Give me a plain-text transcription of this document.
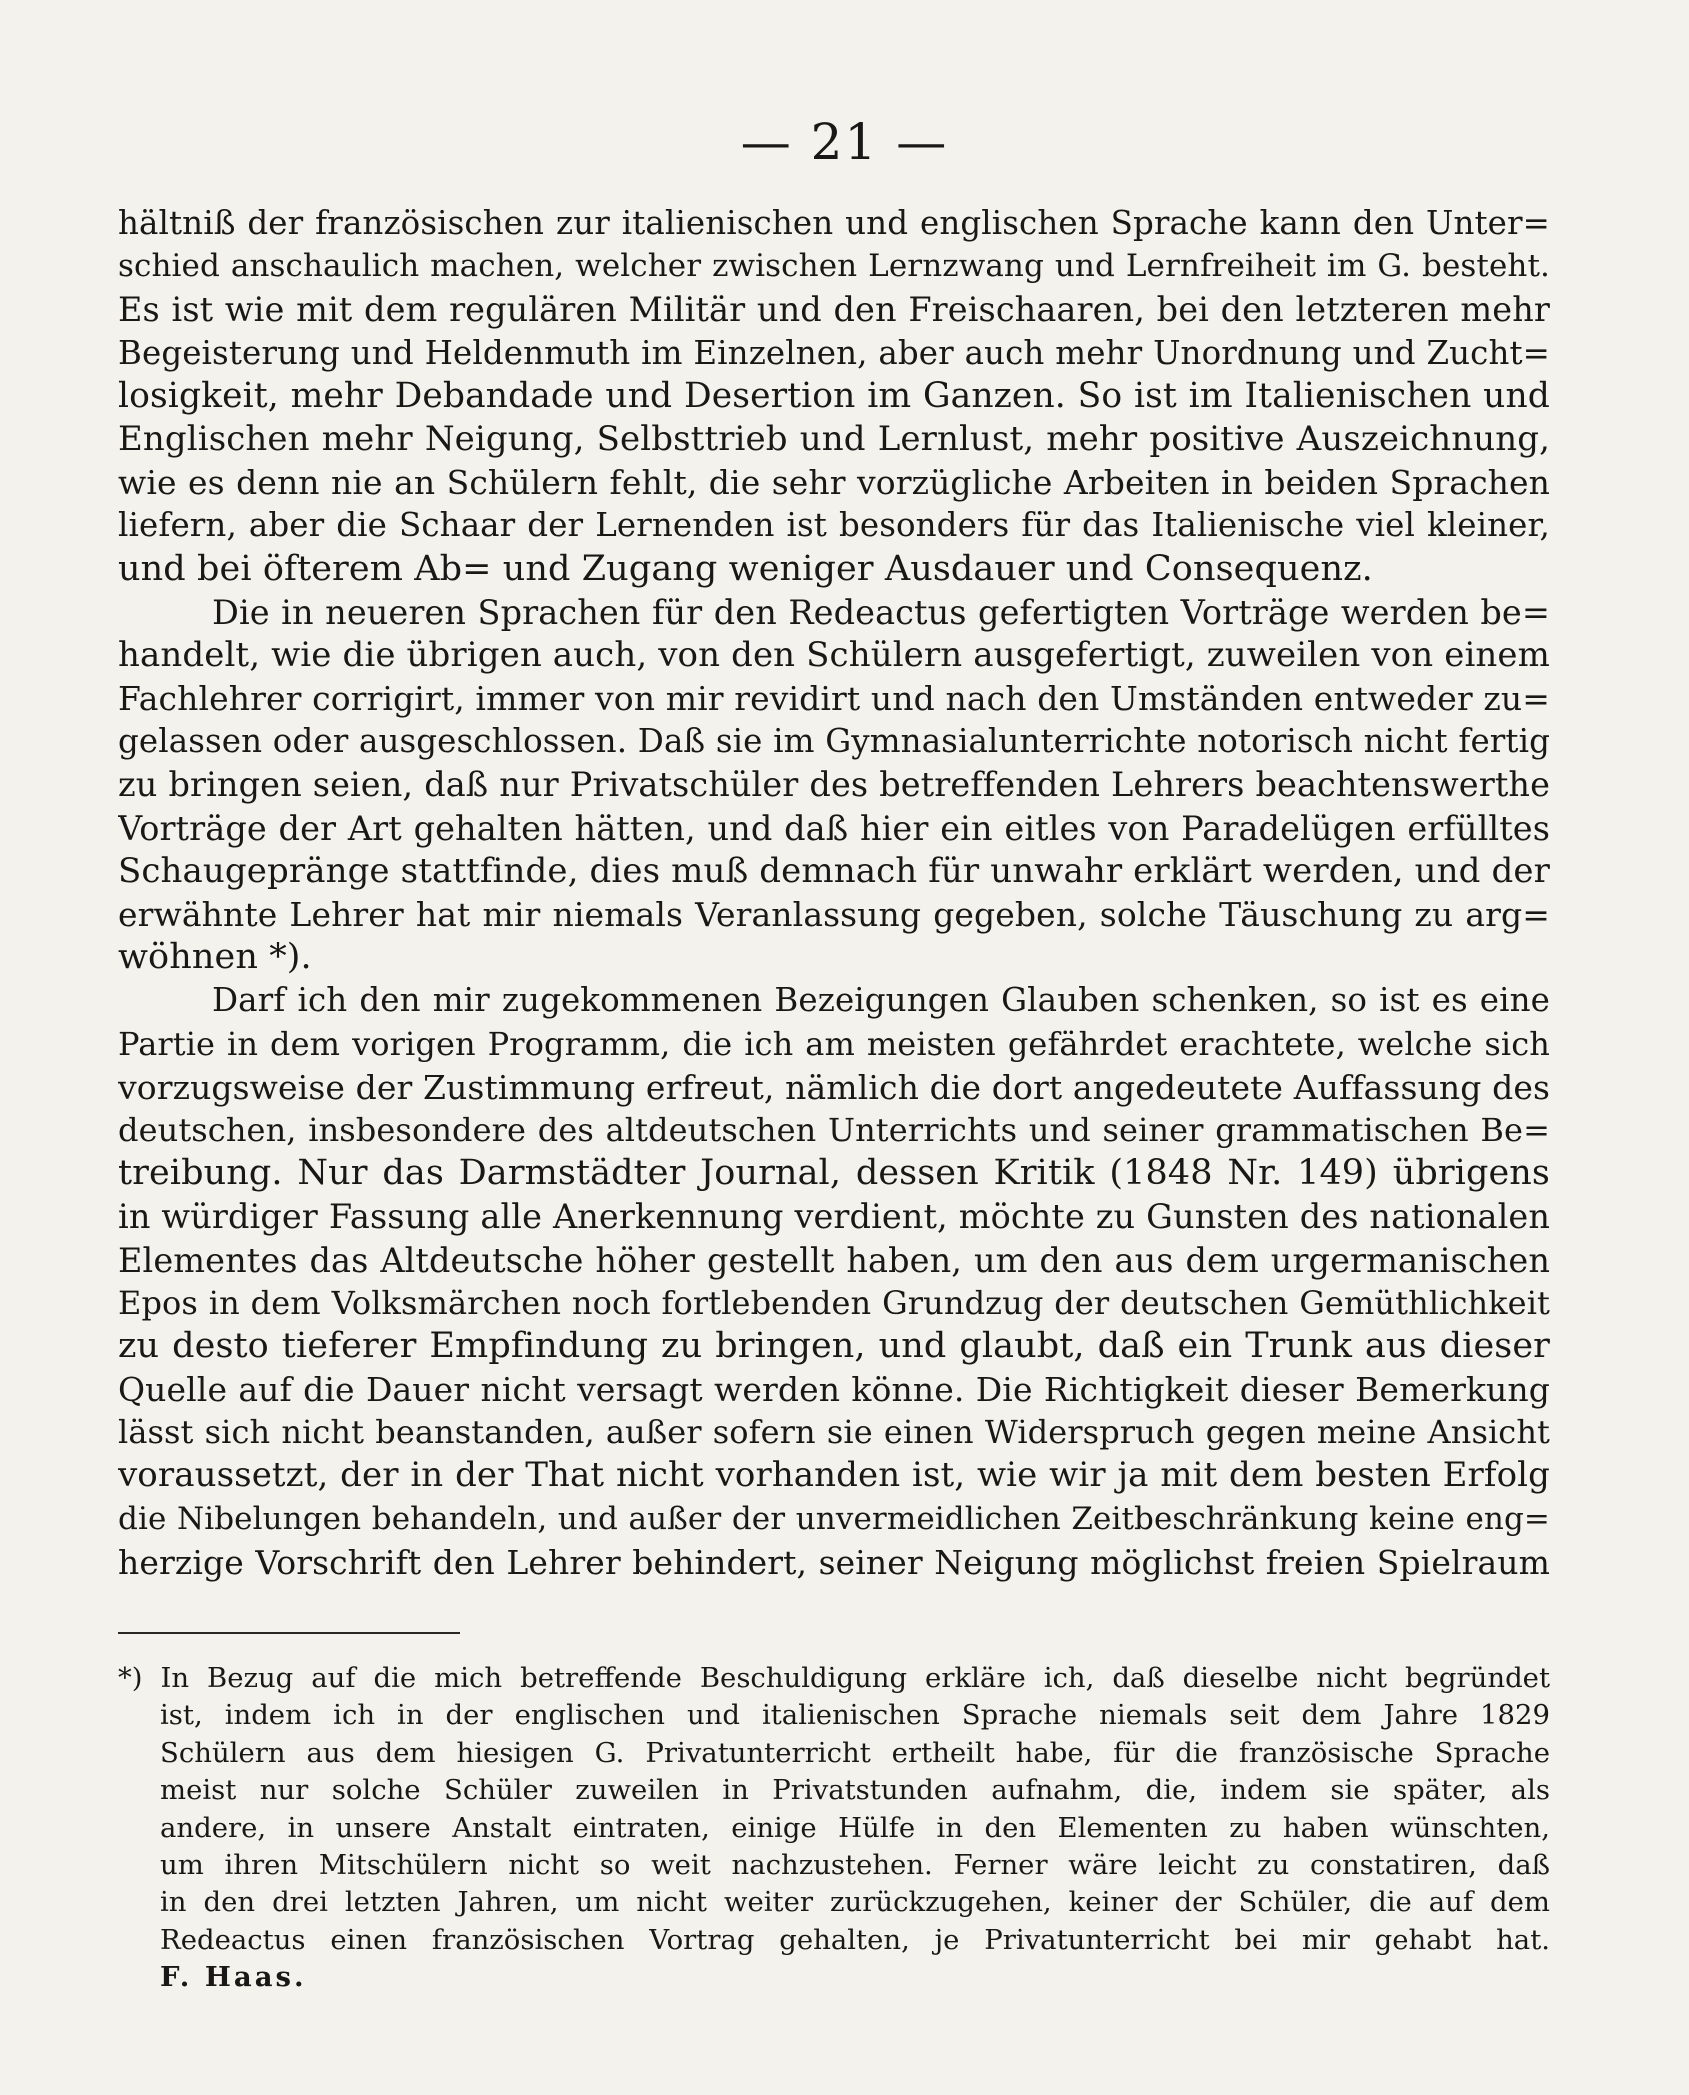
— 21 —
hältniß der französischen zur italienischen und englischen Sprache kann den Unter=
schied anschaulich machen, welcher zwischen Lernzwang und Lernfreiheit im G. besteht.
Es ist wie mit dem regulären Militär und den Freischaaren, bei den letzteren mehr
Begeisterung und Heldenmuth im Einzelnen, aber auch mehr Unordnung und Zucht=
losigkeit, mehr Debandade und Desertion im Ganzen. So ist im Italienischen und
Englischen mehr Neigung, Selbsttrieb und Lernlust, mehr positive Auszeichnung,
wie es denn nie an Schülern fehlt, die sehr vorzügliche Arbeiten in beiden Sprachen
liefern, aber die Schaar der Lernenden ist besonders für das Italienische viel kleiner,
und bei öfterem Ab= und Zugang weniger Ausdauer und Consequenz.
Die in neueren Sprachen für den Redeactus gefertigten Vorträge werden be=
handelt, wie die übrigen auch, von den Schülern ausgefertigt, zuweilen von einem
Fachlehrer corrigirt, immer von mir revidirt und nach den Umständen entweder zu=
gelassen oder ausgeschlossen. Daß sie im Gymnasialunterrichte notorisch nicht fertig
zu bringen seien, daß nur Privatschüler des betreffenden Lehrers beachtenswerthe
Vorträge der Art gehalten hätten, und daß hier ein eitles von Paradelügen erfülltes
Schaugepränge stattfinde, dies muß demnach für unwahr erklärt werden, und der
erwähnte Lehrer hat mir niemals Veranlassung gegeben, solche Täuschung zu arg=
wöhnen *).
Darf ich den mir zugekommenen Bezeigungen Glauben schenken, so ist es eine
Partie in dem vorigen Programm, die ich am meisten gefährdet erachtete, welche sich
vorzugsweise der Zustimmung erfreut, nämlich die dort angedeutete Auffassung des
deutschen, insbesondere des altdeutschen Unterrichts und seiner grammatischen Be=
treibung. Nur das Darmstädter Journal, dessen Kritik (1848 Nr. 149) übrigens
in würdiger Fassung alle Anerkennung verdient, möchte zu Gunsten des nationalen
Elementes das Altdeutsche höher gestellt haben, um den aus dem urgermanischen
Epos in dem Volksmärchen noch fortlebenden Grundzug der deutschen Gemüthlichkeit
zu desto tieferer Empfindung zu bringen, und glaubt, daß ein Trunk aus dieser
Quelle auf die Dauer nicht versagt werden könne. Die Richtigkeit dieser Bemerkung
lässt sich nicht beanstanden, außer sofern sie einen Widerspruch gegen meine Ansicht
voraussetzt, der in der That nicht vorhanden ist, wie wir ja mit dem besten Erfolg
die Nibelungen behandeln, und außer der unvermeidlichen Zeitbeschränkung keine eng=
herzige Vorschrift den Lehrer behindert, seiner Neigung möglichst freien Spielraum
*) In Bezug auf die mich betreffende Beschuldigung erkläre ich, daß dieselbe nicht begründet
ist, indem ich in der englischen und italienischen Sprache niemals seit dem Jahre 1829
Schülern aus dem hiesigen G. Privatunterricht ertheilt habe, für die französische Sprache
meist nur solche Schüler zuweilen in Privatstunden aufnahm, die, indem sie später, als
andere, in unsere Anstalt eintraten, einige Hülfe in den Elementen zu haben wünschten,
um ihren Mitschülern nicht so weit nachzustehen. Ferner wäre leicht zu constatiren, daß
in den drei letzten Jahren, um nicht weiter zurückzugehen, keiner der Schüler, die auf dem
Redeactus einen französischen Vortrag gehalten, je Privatunterricht bei mir gehabt hat.
F. Haas.
